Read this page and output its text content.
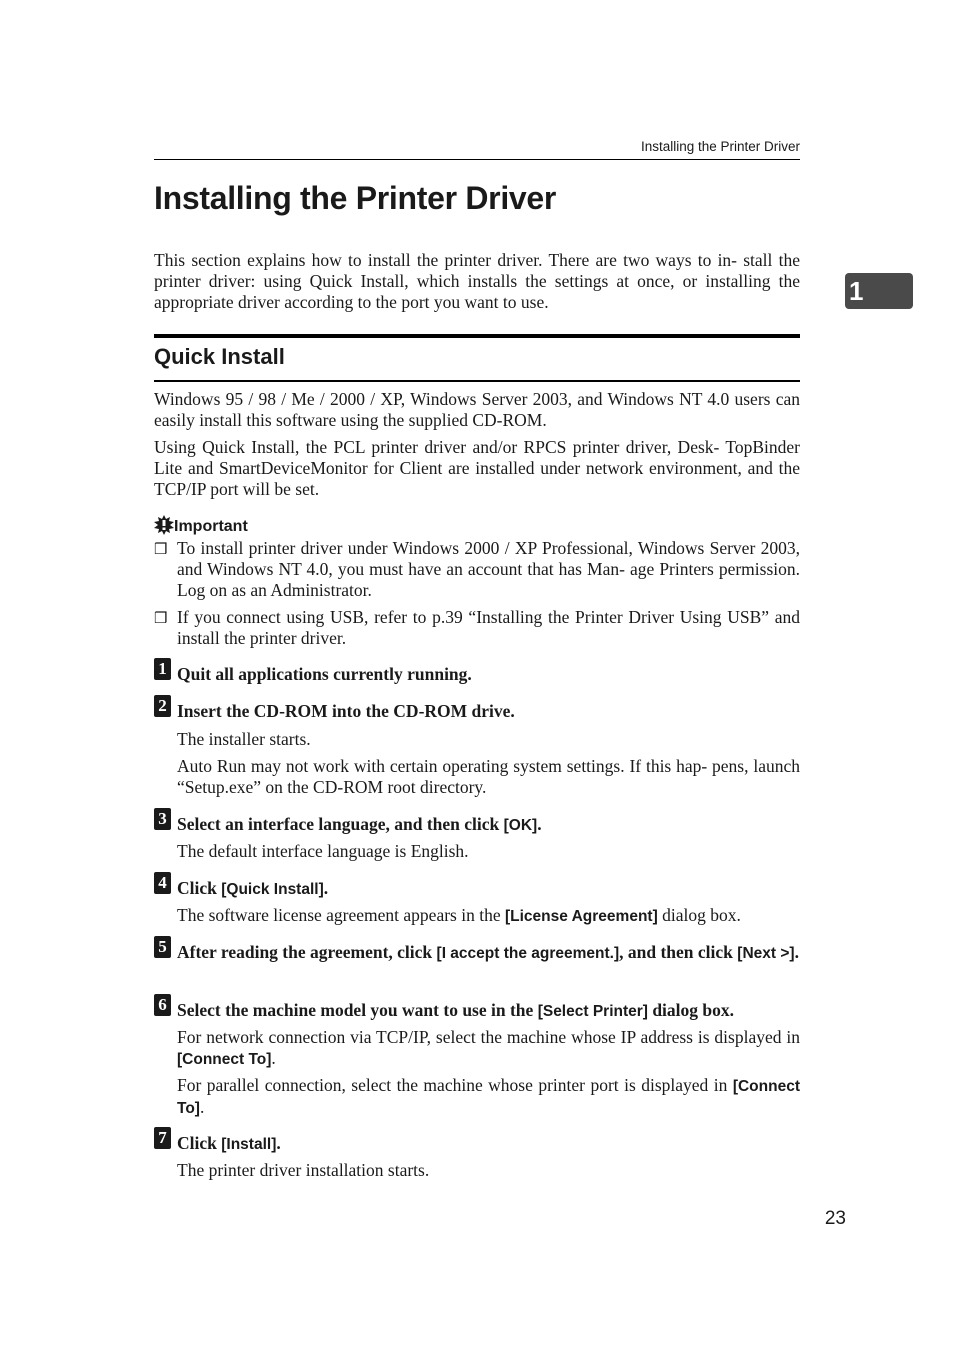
Installing the Printer Driver
Installing the Printer Driver
1

This section explains how to install the printer driver. There are two ways to in- stall the printer driver: using Quick Install, which installs the settings at once, or installing the appropriate driver according to the port you want to use.

Quick Install

Windows 95 / 98 / Me / 2000 / XP, Windows Server 2003, and Windows NT 4.0 users can easily install this software using the supplied CD-ROM.

Using Quick Install, the PCL printer driver and/or RPCS printer driver, Desk- TopBinder Lite and SmartDeviceMonitor for Client are installed under network environment, and the TCP/IP port will be set.

Important
❒ To install printer driver under Windows 2000 / XP Professional, Windows Server 2003, and Windows NT 4.0, you must have an account that has Man- age Printers permission. Log on as an Administrator.

❒ If you connect using USB, refer to p.39 “Installing the Printer Driver Using USB” and install the printer driver.

1 Quit all applications currently running.

2 Insert the CD-ROM into the CD-ROM drive.

The installer starts.

Auto Run may not work with certain operating system settings. If this hap- pens, launch “Setup.exe” on the CD-ROM root directory.

3 Select an interface language, and then click [OK].

The default interface language is English.

4 Click [Quick Install].

The software license agreement appears in the [License Agreement] dialog box.

5 After reading the agreement, click [I accept the agreement.], and then click [Next >].

6 Select the machine model you want to use in the [Select Printer] dialog box.

For network connection via TCP/IP, select the machine whose IP address is displayed in [Connect To].

For parallel connection, select the machine whose printer port is displayed in [Connect To].

7 Click [Install].

The printer driver installation starts.

23
